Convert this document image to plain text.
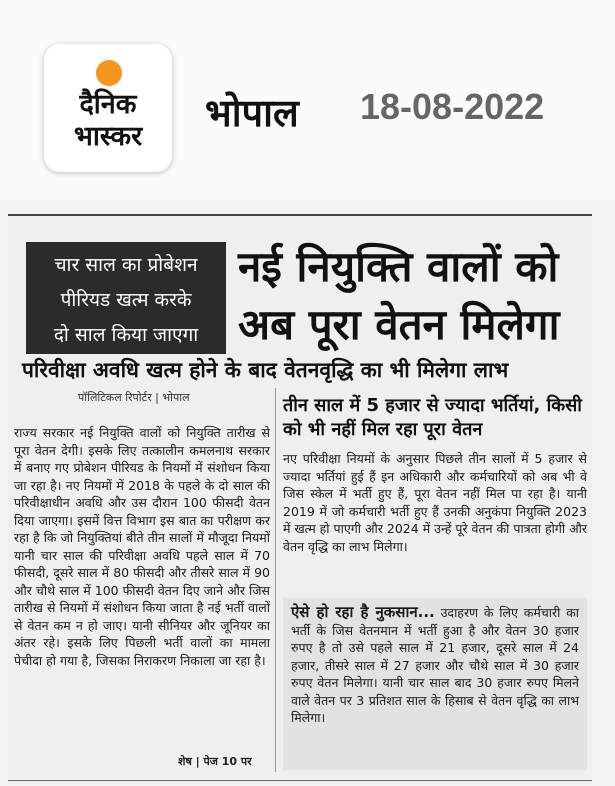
दैनिक
भास्कर
भोपाल 18-08-2022
चार साल का प्रोबेशन
पीरियड खत्म करके
दो साल किया जाएगा
नई नियुक्ति वालों को
अब पूरा वेतन मिलेगा
परिवीक्षा अवधि खत्म होने के बाद वेतनवृद्धि का भी मिलेगा लाभ
पॉलिटिकल रिपोर्टर | भोपाल

राज्य सरकार नई नियुक्ति वालों को नियुक्ति तारीख से पूरा वेतन देगी। इसके लिए तत्कालीन कमलनाथ सरकार में बनाए गए प्रोबेशन पीरियड के नियमों में संशोधन किया जा रहा है। नए नियमों में 2018 के पहले के दो साल की परिवीक्षाधीन अवधि और उस दौरान 100 फीसदी वेतन दिया जाएगा। इसमें वित्त विभाग इस बात का परीक्षण कर रहा है कि जो नियुक्तियां बीते तीन सालों में मौजूदा नियमों यानी चार साल की परिवीक्षा अवधि पहले साल में 70 फीसदी, दूसरे साल में 80 फीसदी और तीसरे साल में 90 और चौथे साल में 100 फीसदी वेतन दिए जाने और जिस तारीख से नियमों में संशोधन किया जाता है नई भर्ती वालों से वेतन कम न हो जाए। यानी सीनियर और जूनियर का अंतर रहे। इसके लिए पिछली भर्ती वालों का मामला पेचीदा हो गया है, जिसका निराकरण निकाला जा रहा है।

शेष | पेज 10 पर

तीन साल में 5 हजार से ज्यादा भर्तियां, किसी को भी नहीं मिल रहा पूरा वेतन

नए परिवीक्षा नियमों के अनुसार पिछले तीन सालों में 5 हजार से ज्यादा भर्तियां हुई हैं इन अधिकारी और कर्मचारियों को अब भी वे जिस स्केल में भर्ती हुए हैं, पूरा वेतन नहीं मिल पा रहा है। यानी 2019 में जो कर्मचारी भर्ती हुए हैं उनकी अनुकंपा नियुक्ति 2023 में खत्म हो पाएगी और 2024 में उन्हें पूरे वेतन की पात्रता होगी और वेतन वृद्धि का लाभ मिलेगा।

ऐसे हो रहा है नुकसान... उदाहरण के लिए कर्मचारी का भर्ती के जिस वेतनमान में भर्ती हुआ है और वेतन 30 हजार रुपए है तो उसे पहले साल में 21 हजार, दूसरे साल में 24 हजार, तीसरे साल में 27 हजार और चौथे साल में 30 हजार रुपए वेतन मिलेगा। यानी चार साल बाद 30 हजार रुपए मिलने वाले वेतन पर 3 प्रतिशत साल के हिसाब से वेतन वृद्धि का लाभ मिलेगा।
